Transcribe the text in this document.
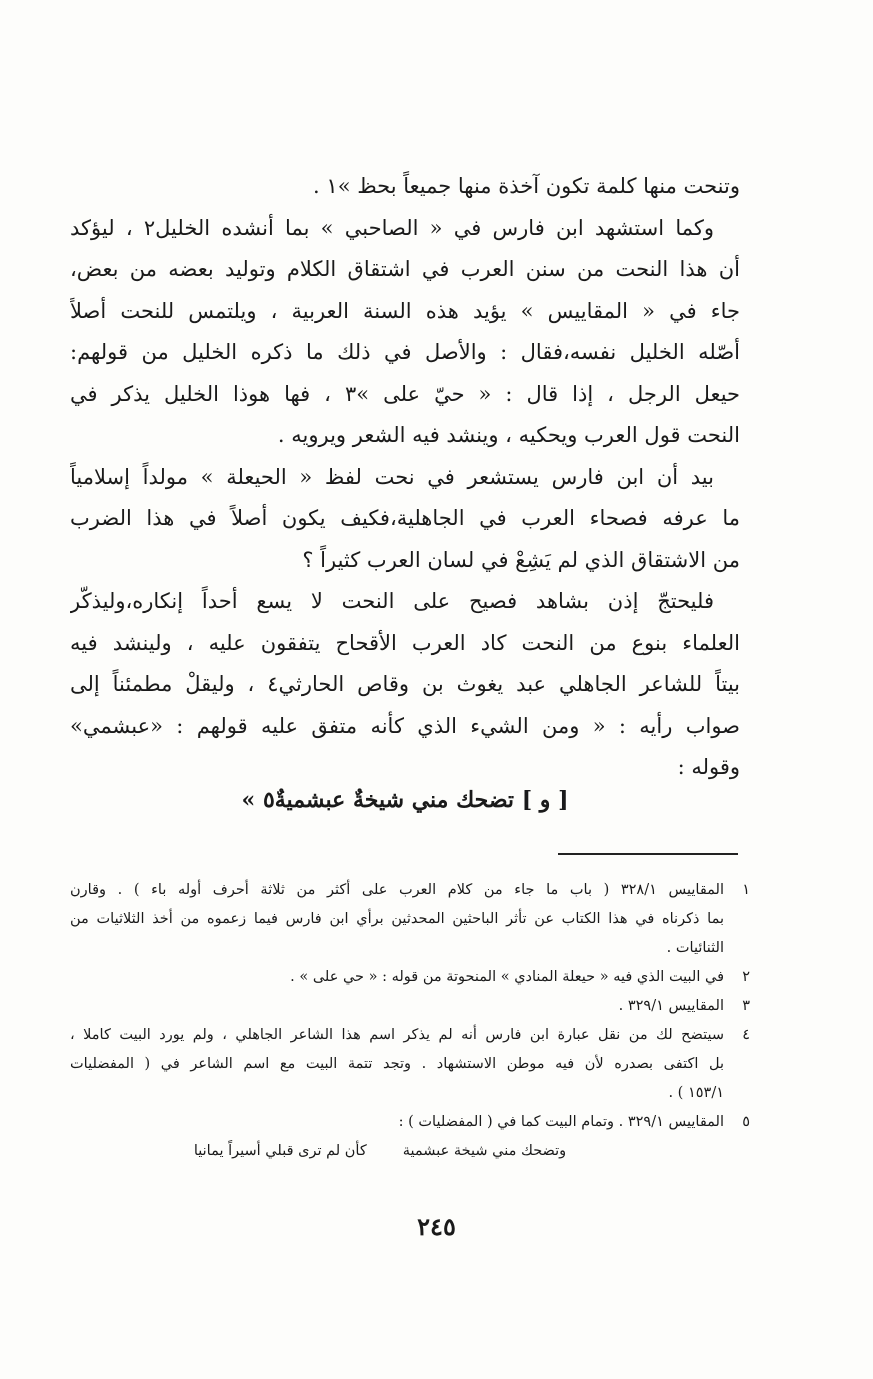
وتنحت منها كلمة تكون آخذة منها جميعاً بحظ »١ .
وكما استشهد ابن فارس في « الصاحبي » بما أنشده الخليل٢ ، ليؤكد
أن هذا النحت من سنن العرب في اشتقاق الكلام وتوليد بعضه من بعض،
جاء في « المقاييس » يؤيد هذه السنة العربية ، ويلتمس للنحت أصلاً
أصّله الخليل نفسه،فقال : والأصل في ذلك ما ذكره الخليل من قولهم:
حيعل الرجل ، إذا قال : « حيّ على »٣ ، فها هوذا الخليل يذكر في
النحت قول العرب ويحكيه ، وينشد فيه الشعر ويرويه .
بيد أن ابن فارس يستشعر في نحت لفظ « الحيعلة » مولداً إسلامياً
ما عرفه فصحاء العرب في الجاهلية،فكيف يكون أصلاً في هذا الضرب
من الاشتقاق الذي لم يَشِعْ في لسان العرب كثيراً ؟
فليحتجّ إذن بشاهد فصيح على النحت لا يسع أحداً إنكاره،وليذكّر
العلماء بنوع من النحت كاد العرب الأقحاح يتفقون عليه ، ولينشد فيه
بيتاً للشاعر الجاهلي عبد يغوث بن وقاص الحارثي٤ ، وليقلْ مطمئناً إلى
صواب رأيه : « ومن الشيء الذي كأنه متفق عليه قولهم : «عبشمي»
وقوله :
[ و ] تضحك مني شيخةٌ عبشميةٌ٥ »
١
المقاييس ٣٢٨/١ ( باب ما جاء من كلام العرب على أكثر من ثلاثة أحرف أوله باء ) . وقارن
بما ذكرناه في هذا الكتاب عن تأثر الباحثين المحدثين برأي ابن فارس فيما زعموه من أخذ الثلاثيات من
الثنائيات .
٢
في البيت الذي فيه « حيعلة المنادي » المنحوتة من قوله : « حي على » .
٣
المقاييس ٣٢٩/١ .
٤
سيتضح لك من نقل عبارة ابن فارس أنه لم يذكر اسم هذا الشاعر الجاهلي ، ولم يورد البيت كاملا ،
بل اكتفى بصدره لأن فيه موطن الاستشهاد . وتجد تتمة البيت مع اسم الشاعر في ( المفضليات
١٥٣/١ ) .
٥
المقاييس ٣٢٩/١ . وتمام البيت كما في ( المفضليات ) :
وتضحك مني شيخة عبشمية
كأن لم ترى قبلي أسيراً يمانيا
٢٤٥
